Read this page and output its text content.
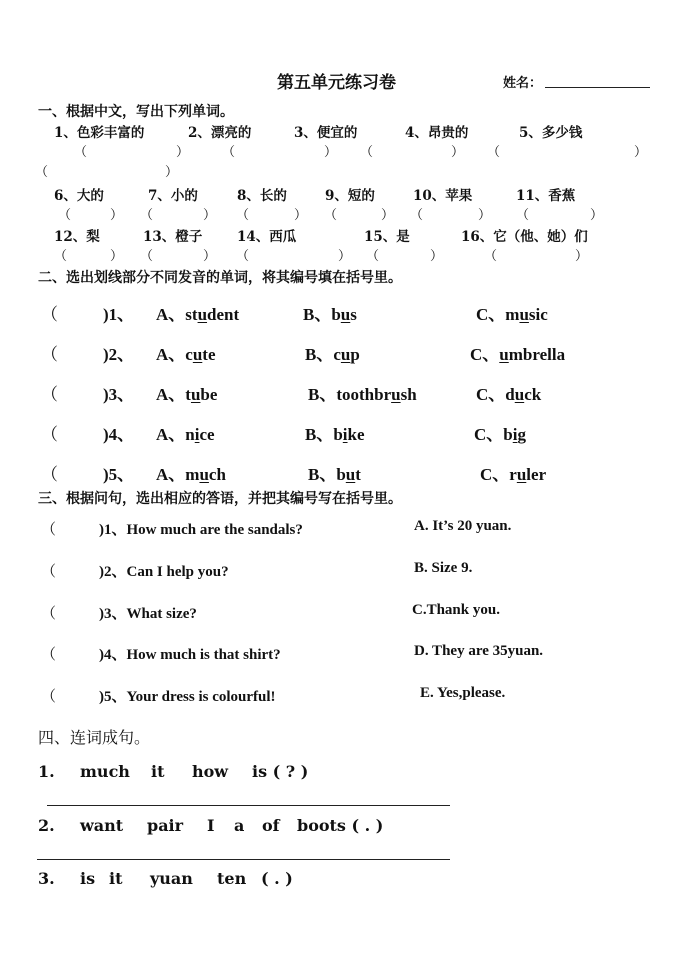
第五单元练习卷	姓名：
一、根据中文，写出下列单词。
1、色彩丰富的	2、漂亮的	3、便宜的	4、昂贵的	5、多少钱
（	）	（	） （	） （	）
（	）
6、大的	7、小的	8、长的	9、短的	10、苹果	11、香蕉
（	） （	） （	） （	） （	） （	）
12、梨	13、橙子	14、西瓜	15、是	16、它（他、她）们
（	） （	） （	） （	）	（	）
二、选出划线部分不同发音的单词，将其编号填在括号里。
（	)1、 A、student	B、bus	C、music
（	)2、 A、cute	B、cup	C、umbrella
（	)3、 A、tube	B、toothbrush	C、duck
（	)4、 A、nice	B、bike	C、big
（	)5、 A、much	B、but	C、ruler
三、根据问句，选出相应的答语，并把其编号写在括号里。
（	)1、How much are the sandals?	A. It’s 20 yuan.
（	)2、Can I help you?	B. Size 9.
（	)3、What size?	C.Thank you.
（	)4、How much is that shirt?	D. They are 35yuan.
（	)5、Your dress is colourful!	E. Yes,please.
四、连词成句。
1. much it how is ( ? )
2. want pair I a of boots ( . )
3. is it yuan ten ( . )
